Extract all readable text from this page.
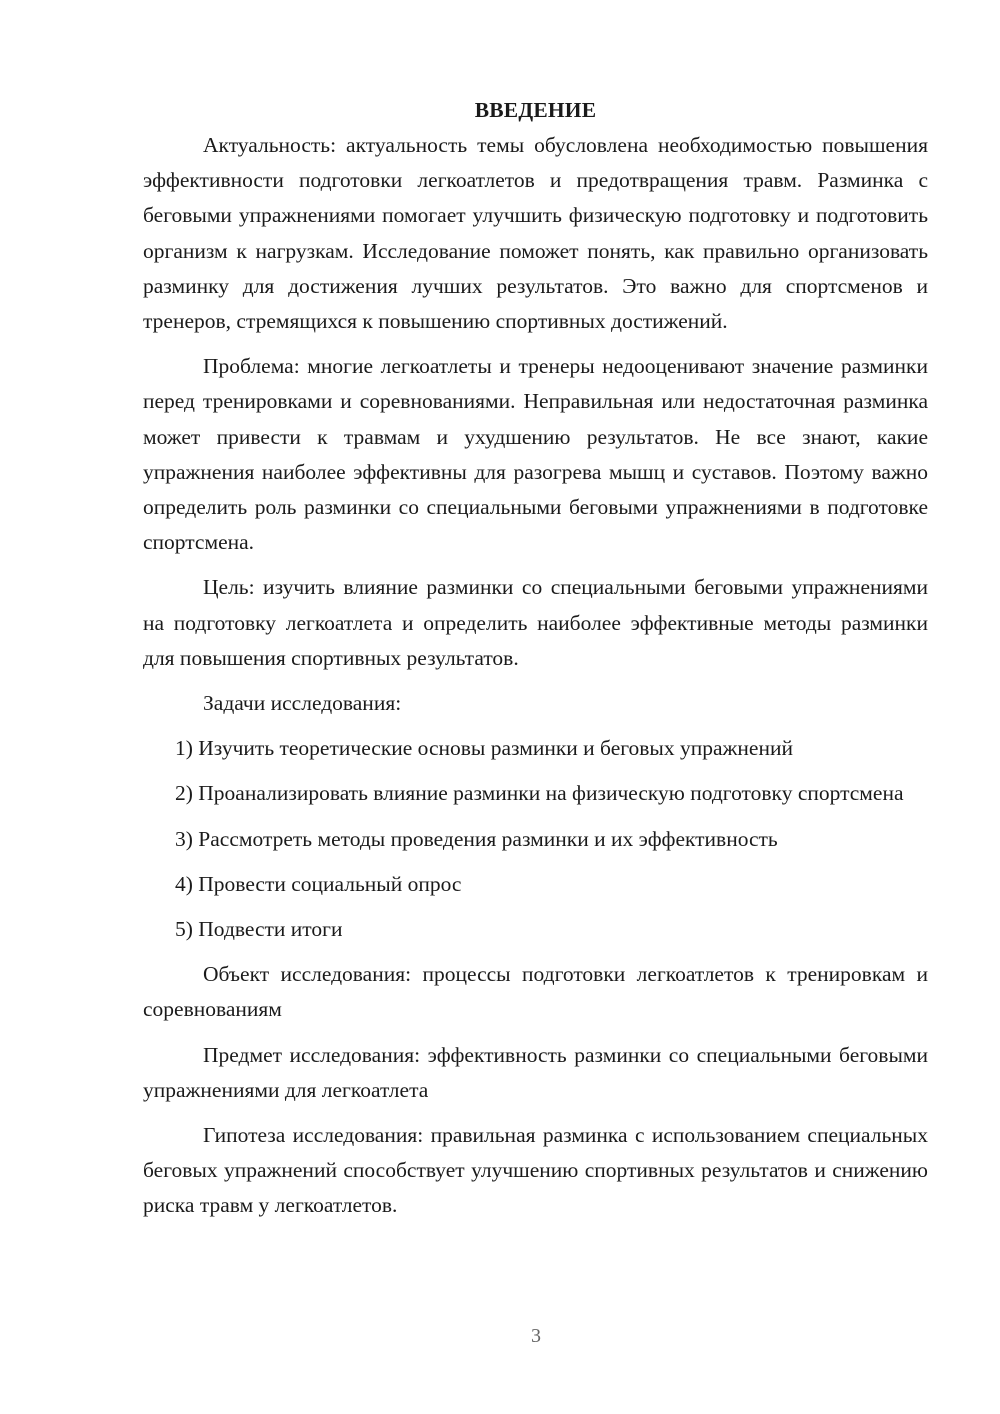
ВВЕДЕНИЕ

Актуальность: актуальность темы обусловлена необходимостью повышения эффективности подготовки легкоатлетов и предотвращения травм. Разминка с беговыми упражнениями помогает улучшить физическую подготовку и подготовить организм к нагрузкам. Исследование поможет понять, как правильно организовать разминку для достижения лучших результатов. Это важно для спортсменов и тренеров, стремящихся к повышению спортивных достижений.

Проблема: многие легкоатлеты и тренеры недооценивают значение разминки перед тренировками и соревнованиями. Неправильная или недостаточная разминка может привести к травмам и ухудшению результатов. Не все знают, какие упражнения наиболее эффективны для разогрева мышц и суставов. Поэтому важно определить роль разминки со специальными беговыми упражнениями в подготовке спортсмена.

Цель: изучить влияние разминки со специальными беговыми упражнениями на подготовку легкоатлета и определить наиболее эффективные методы разминки для повышения спортивных результатов.

Задачи исследования:

1) Изучить теоретические основы разминки и беговых упражнений

2) Проанализировать влияние разминки на физическую подготовку спортсмена

3) Рассмотреть методы проведения разминки и их эффективность

4) Провести социальный опрос

5) Подвести итоги

Объект исследования: процессы подготовки легкоатлетов к тренировкам и соревнованиям

Предмет исследования: эффективность разминки со специальными беговыми упражнениями для легкоатлета

Гипотеза исследования: правильная разминка с использованием специальных беговых упражнений способствует улучшению спортивных результатов и снижению риска травм у легкоатлетов.

3
